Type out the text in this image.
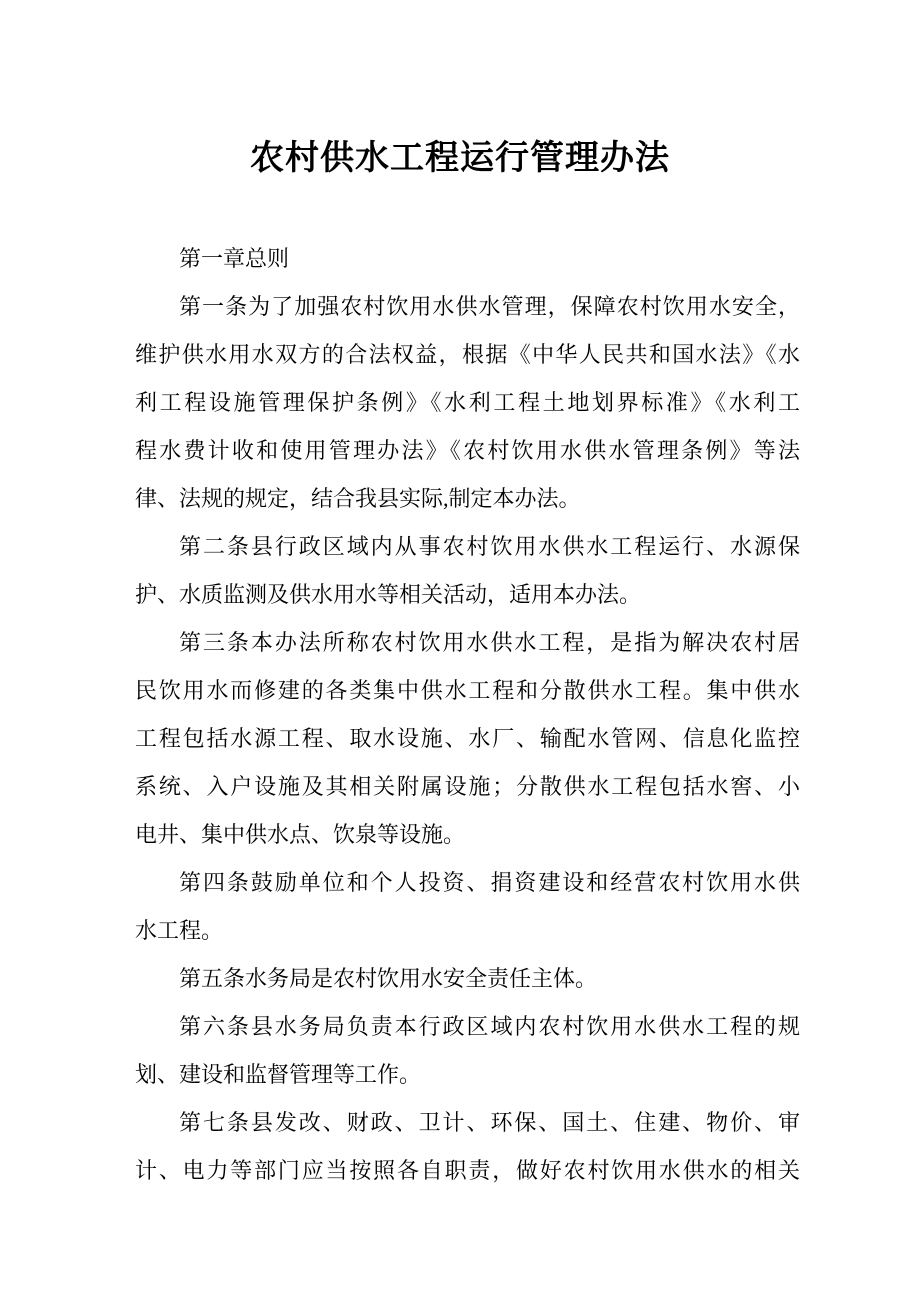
农村供水工程运行管理办法
第一章总则
第一条为了加强农村饮用水供水管理，保障农村饮用水安全，
维护供水用水双方的合法权益，根据《中华人民共和国水法》《水
利工程设施管理保护条例》《水利工程土地划界标准》《水利工
程水费计收和使用管理办法》《农村饮用水供水管理条例》等法
律、法规的规定，结合我县实际,制定本办法。
第二条县行政区域内从事农村饮用水供水工程运行、水源保
护、水质监测及供水用水等相关活动，适用本办法。
第三条本办法所称农村饮用水供水工程，是指为解决农村居
民饮用水而修建的各类集中供水工程和分散供水工程。集中供水
工程包括水源工程、取水设施、水厂、输配水管网、信息化监控
系统、入户设施及其相关附属设施；分散供水工程包括水窖、小
电井、集中供水点、饮泉等设施。
第四条鼓励单位和个人投资、捐资建设和经营农村饮用水供
水工程。
第五条水务局是农村饮用水安全责任主体。
第六条县水务局负责本行政区域内农村饮用水供水工程的规
划、建设和监督管理等工作。
第七条县发改、财政、卫计、环保、国土、住建、物价、审
计、电力等部门应当按照各自职责，做好农村饮用水供水的相关
